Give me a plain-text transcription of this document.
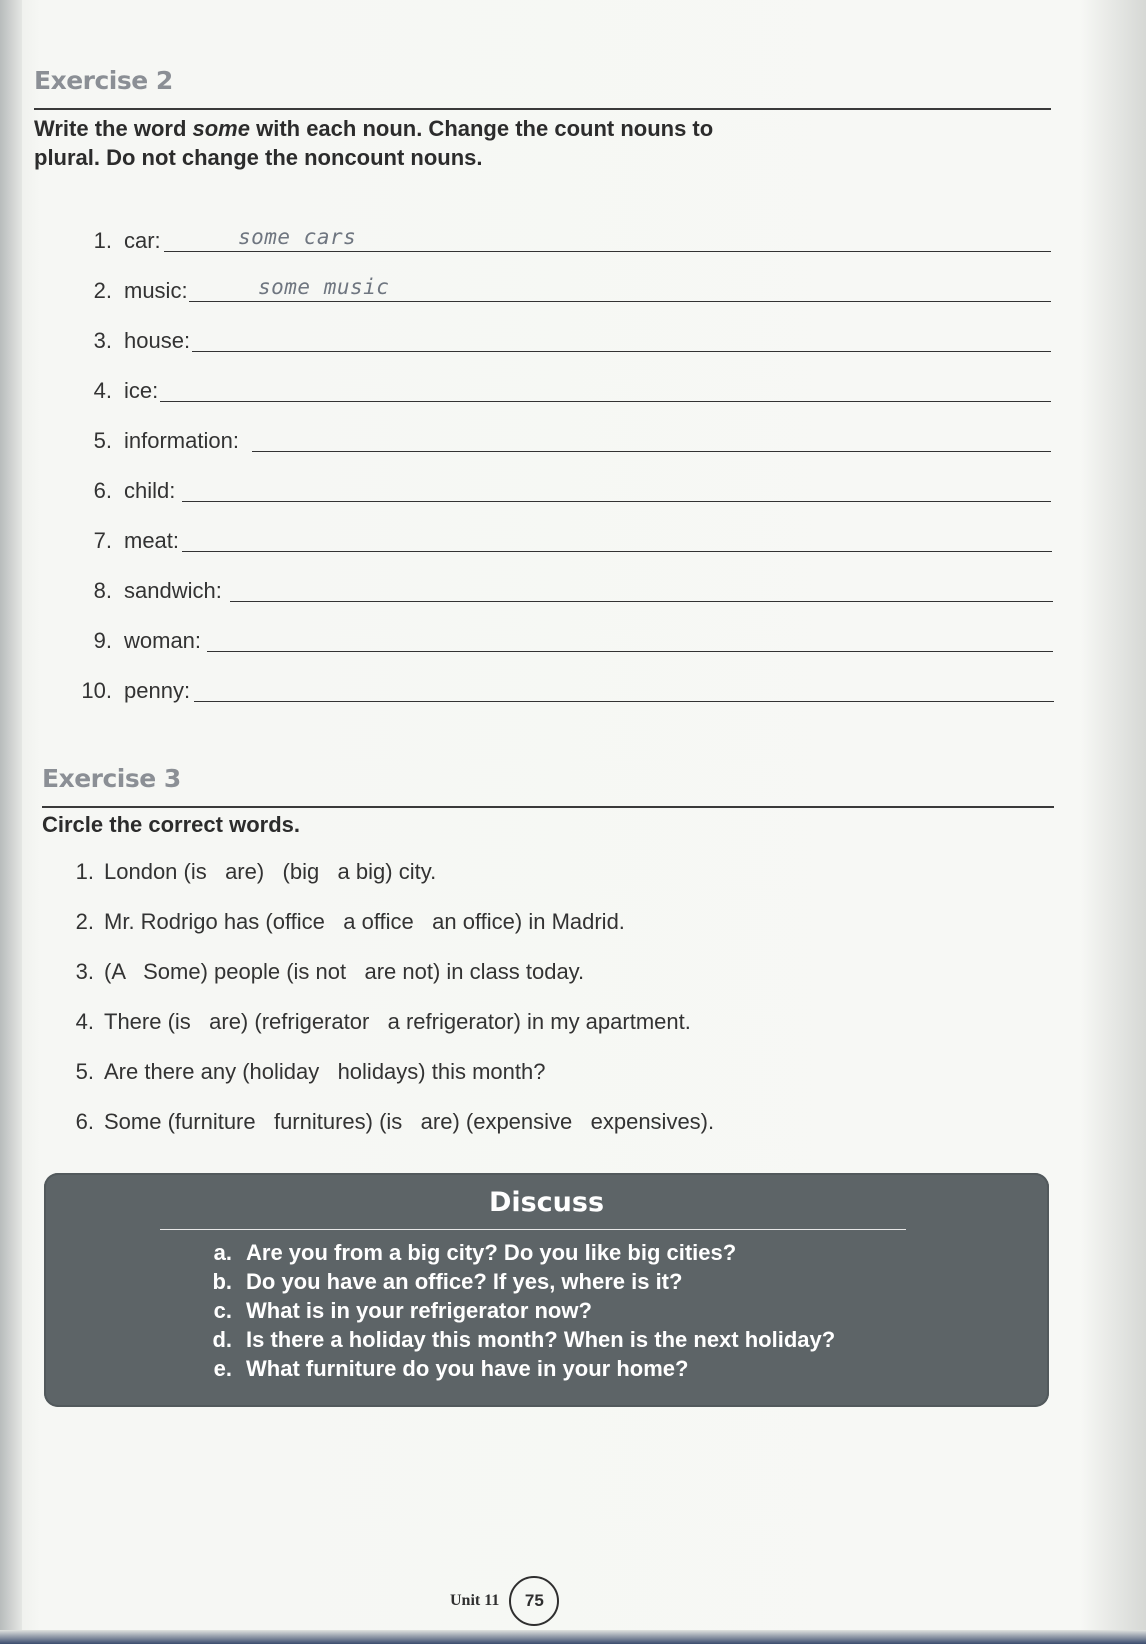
Exercise 2
Write the word some with each noun. Change the count nouns to
plural. Do not change the noncount nouns.
1. car:	some cars
2. music:	some music
3. house:
4. ice:
5. information:
6. child:
7. meat:
8. sandwich:
9. woman:
10. penny:
Exercise 3
Circle the correct words.
1. London (is   are)   (big   a big) city.
2. Mr. Rodrigo has (office   a office   an office) in Madrid.
3. (A   Some) people (is not   are not) in class today.
4. There (is   are) (refrigerator   a refrigerator) in my apartment.
5. Are there any (holiday   holidays) this month?
6. Some (furniture   furnitures) (is   are) (expensive   expensives).
Discuss
a. Are you from a big city? Do you like big cities?
b. Do you have an office? If yes, where is it?
c. What is in your refrigerator now?
d. Is there a holiday this month? When is the next holiday?
e. What furniture do you have in your home?
Unit 11	75
